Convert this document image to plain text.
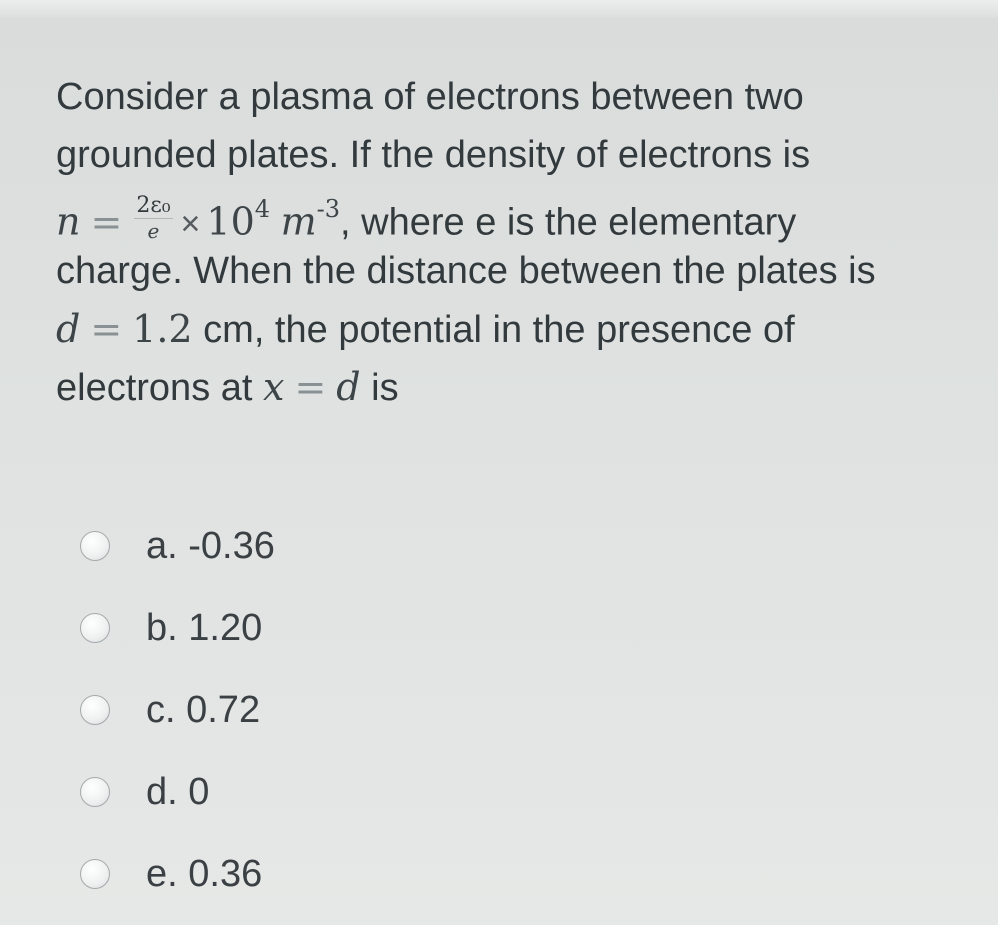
Consider a plasma of electrons between two
grounded plates. If the density of electrons is
$n = \frac{\text{2ε₀}}{e} \times 10^4$ $m^{-3}$, where e is the elementary
charge. When the distance between the plates is
d = 1.2 cm, the potential in the presence of
electrons at x = d is
a. -0.36
b. 1.20
c. 0.72
d. 0
e. 0.36
